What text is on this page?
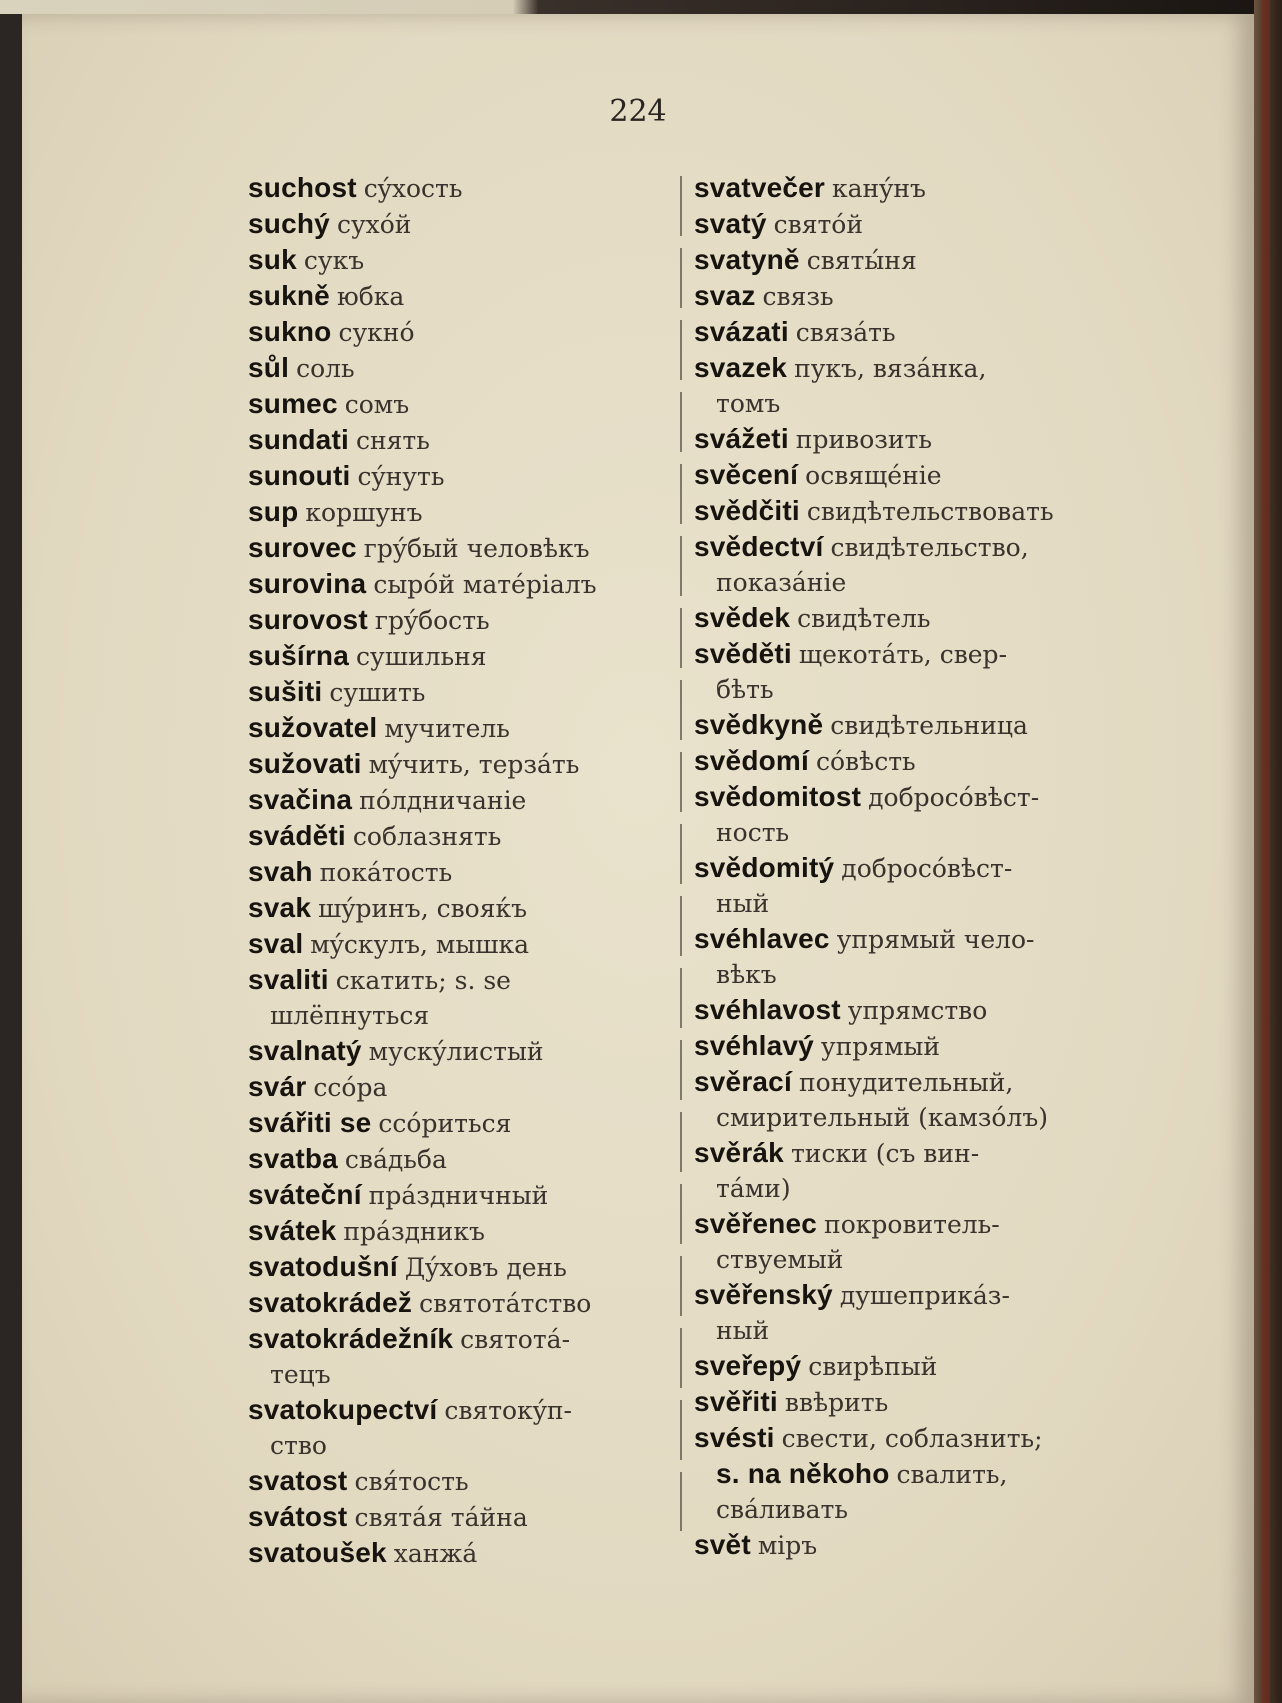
224
suchost сýхость
suchý сухóй
suk сукъ
sukně юбка
sukno сукнó
sůl соль
sumec сомъ
sundati снять
sunouti сýнуть
sup коршунъ
surovec грýбый человѣкъ
surovina сырóй матéріалъ
surovost грýбость
sušírna сушильня
sušiti сушить
sužovatel мучитель
sužovati мýчить, терзáть
svačina пóлдничанiе
sváděti соблазнять
svah покáтость
svak шýринъ, свояќъ
sval мýскулъ, мышка
svaliti скатить; s. se
шлёпнуться
svalnatý мускýлистый
svár ссóра
svářiti se ссóриться
svatba свáдьба
sváteční прáздничный
svátek прáздникъ
svatodušní Дýховъ день
svatokrádež святотáтство
svatokrádežník святотá-
тецъ
svatokupectví святокýп-
ство
svatost свя́тость
svátost святáя тáйна
svatoušek ханжá
svatvečer канýнъ
svatý святóй
svatyně святы́ня
svaz связь
svázati связáть
svazek пукъ, вязáнка,
томъ
svážeti привозить
svěcení освящéніе
svědčiti свидѣтельствовать
svědectví свидѣтельство,
показáніе
svědek свидѣтель
svěděti щекотáть, свер-
бѣть
svědkyně свидѣтельница
svědomí сóвѣсть
svědomitost добросóвѣст-
ность
svědomitý добросóвѣст-
ный
svéhlavec упрямый чело-
вѣкъ
svéhlavost упрямство
svéhlavý упрямый
svěrací понудительный,
смирительный (камзóлъ)
svěrák тиски (съ вин-
тáми)
svěřenec покровитель-
ствуемый
svěřenský душеприкáз-
ный
sveřepý свирѣпый
svěřiti ввѣрить
svésti свести, соблазнить;
s. na někoho свалить,
свáливать
svět міръ
